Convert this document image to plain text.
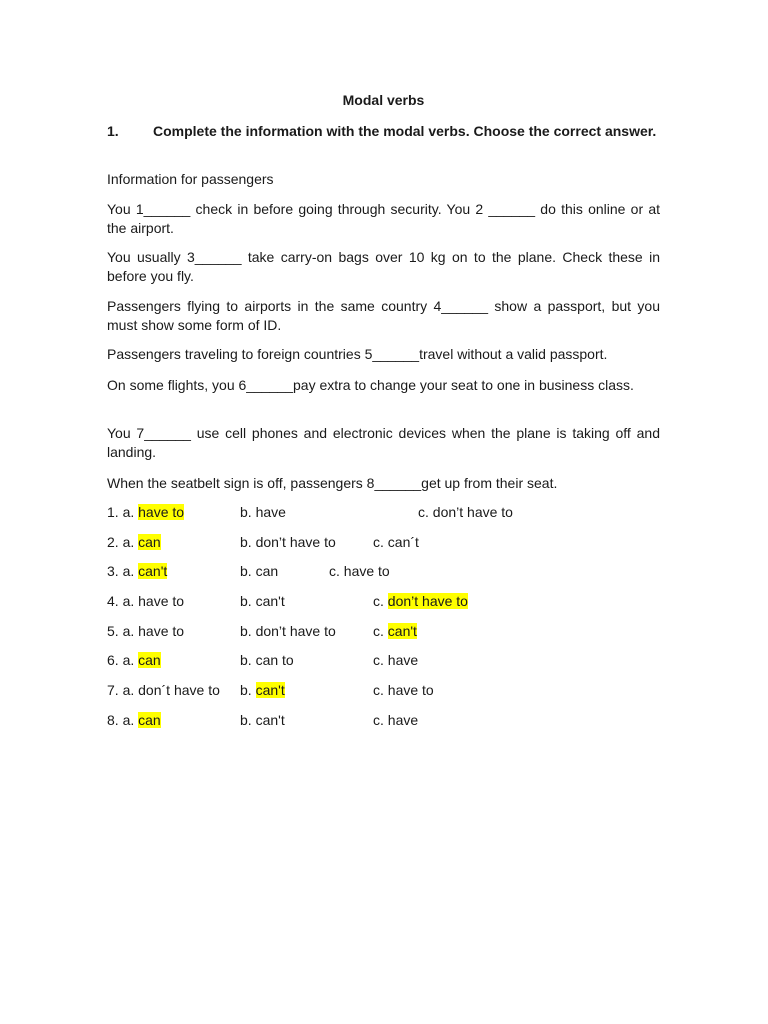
Modal verbs
1. Complete the information with the modal verbs. Choose the correct answer.
Information for passengers
You 1______ check in before going through security. You 2 ______ do this online or at the airport.
You usually 3______ take carry-on bags over 10 kg on to the plane. Check these in before you fly.
Passengers flying to airports in the same country 4______ show a passport, but you must show some form of ID.
Passengers traveling to foreign countries 5______travel without a valid passport.
On some flights, you 6______pay extra to change your seat to one in business class.
You 7______ use cell phones and electronic devices when the plane is taking off and landing.
When the seatbelt sign is off, passengers 8______get up from their seat.
1. a. have to	b. have	c. don’t have to
2. a. can	b. don’t have to	c. can´t
3. a. can't	b. can	c. have to
4. a. have to	b. can't	c. don’t have to
5. a. have to	b. don’t have to	c. can't
6. a. can	b. can to	c. have
7. a. don´t have to b. can't	c. have to
8. a. can	b. can't	c. have
